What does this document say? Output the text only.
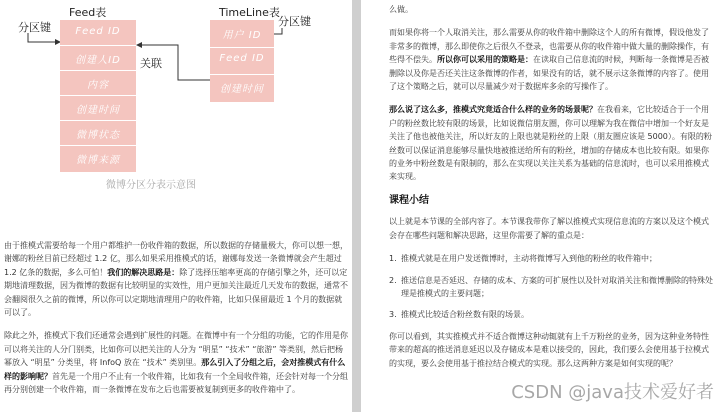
Feed表	TimeLine表
分区键	分区键
关联
Feed ID
创建人ID
内容
创建时间
微博状态
微博来源
用户 ID
Feed ID
创建时间
微博分区分表示意图
由于推模式需要给每一个用户都维护一份收件箱的数据，所以数据的存储量极大，你可以想一想，谢娜的粉丝目前已经超过 1.2 亿，那么如果采用推模式的话，谢娜每发送一条微博就会产生超过 1.2 亿条的数据，多么可怕！我们的解决思路是：除了选择压缩率更高的存储引擎之外，还可以定期地清理数据，因为微博的数据有比较明显的实效性，用户更加关注最近几天发布的数据，通常不会翻阅很久之前的微博，所以你可以定期地清理用户的收件箱，比如只保留最近 1 个月的数据就可以了。
除此之外，推模式下我们还通常会遇到扩展性的问题。在微博中有一个分组的功能，它的作用是你可以将关注的人分门别类，比如你可以把关注的人分为 “明星” “技术” “旅游” 等类别，然后把杨幂放入 “明星” 分类里，将 InfoQ 放在 “技术” 类别里。那么引入了分组之后，会对推模式有什么样的影响呢？首先是一个用户不止有一个收件箱，比如我有一个全局收件箱，还会针对每一个分组再分别创建一个收件箱，而一条微博在发布之后也需要被复制到更多的收件箱中了。
么做。
而如果你将一个人取消关注，那么需要从你的收件箱中删除这个人的所有微博，假设他发了非常多的微博，那么即使你之后很久不登录，也需要从你的收件箱中做大量的删除操作，有些得不偿失。所以你可以采用的策略是：在读取自己信息流的时候，判断每一条微博是否被删除以及你是否还关注这条微博的作者，如果没有的话，就不展示这条微博的内容了。使用了这个策略之后，就可以尽量减少对于数据库多余的写操作了。
那么说了这么多，推模式究竟适合什么样的业务的场景呢？在我看来，它比较适合于一个用户的粉丝数比较有限的场景，比如说微信朋友圈，你可以理解为我在微信中增加一个好友是关注了他也被他关注，所以好友的上限也就是粉丝的上限（朋友圈应该是 5000）。有限的粉丝数可以保证消息能够尽量快地被推送给所有的粉丝，增加的存储成本也比较有限。如果你的业务中粉丝数是有限制的，那么在实现以关注关系为基础的信息流时，也可以采用推模式来实现。
课程小结
以上就是本节课的全部内容了。本节课我带你了解以推模式实现信息流的方案以及这个模式会存在哪些问题和解决思路，这里你需要了解的重点是：
1. 推模式就是在用户发送微博时，主动将微博写入到他的粉丝的收件箱中；
2. 推送信息是否延迟、存储的成本、方案的可扩展性以及针对取消关注和微博删除的特殊处理是推模式的主要问题；
3. 推模式比较适合粉丝数有限的场景。
你可以看到，其实推模式并不适合微博这种动辄就有上千万粉丝的业务，因为这种业务特性带来的超高的推送消息延迟以及存储成本是难以接受的，因此，我们要么会使用基于拉模式的实现，要么会使用基于推拉结合模式的实现。那么这两种方案是如何实现的呢？
CSDN @java技术爱好者
